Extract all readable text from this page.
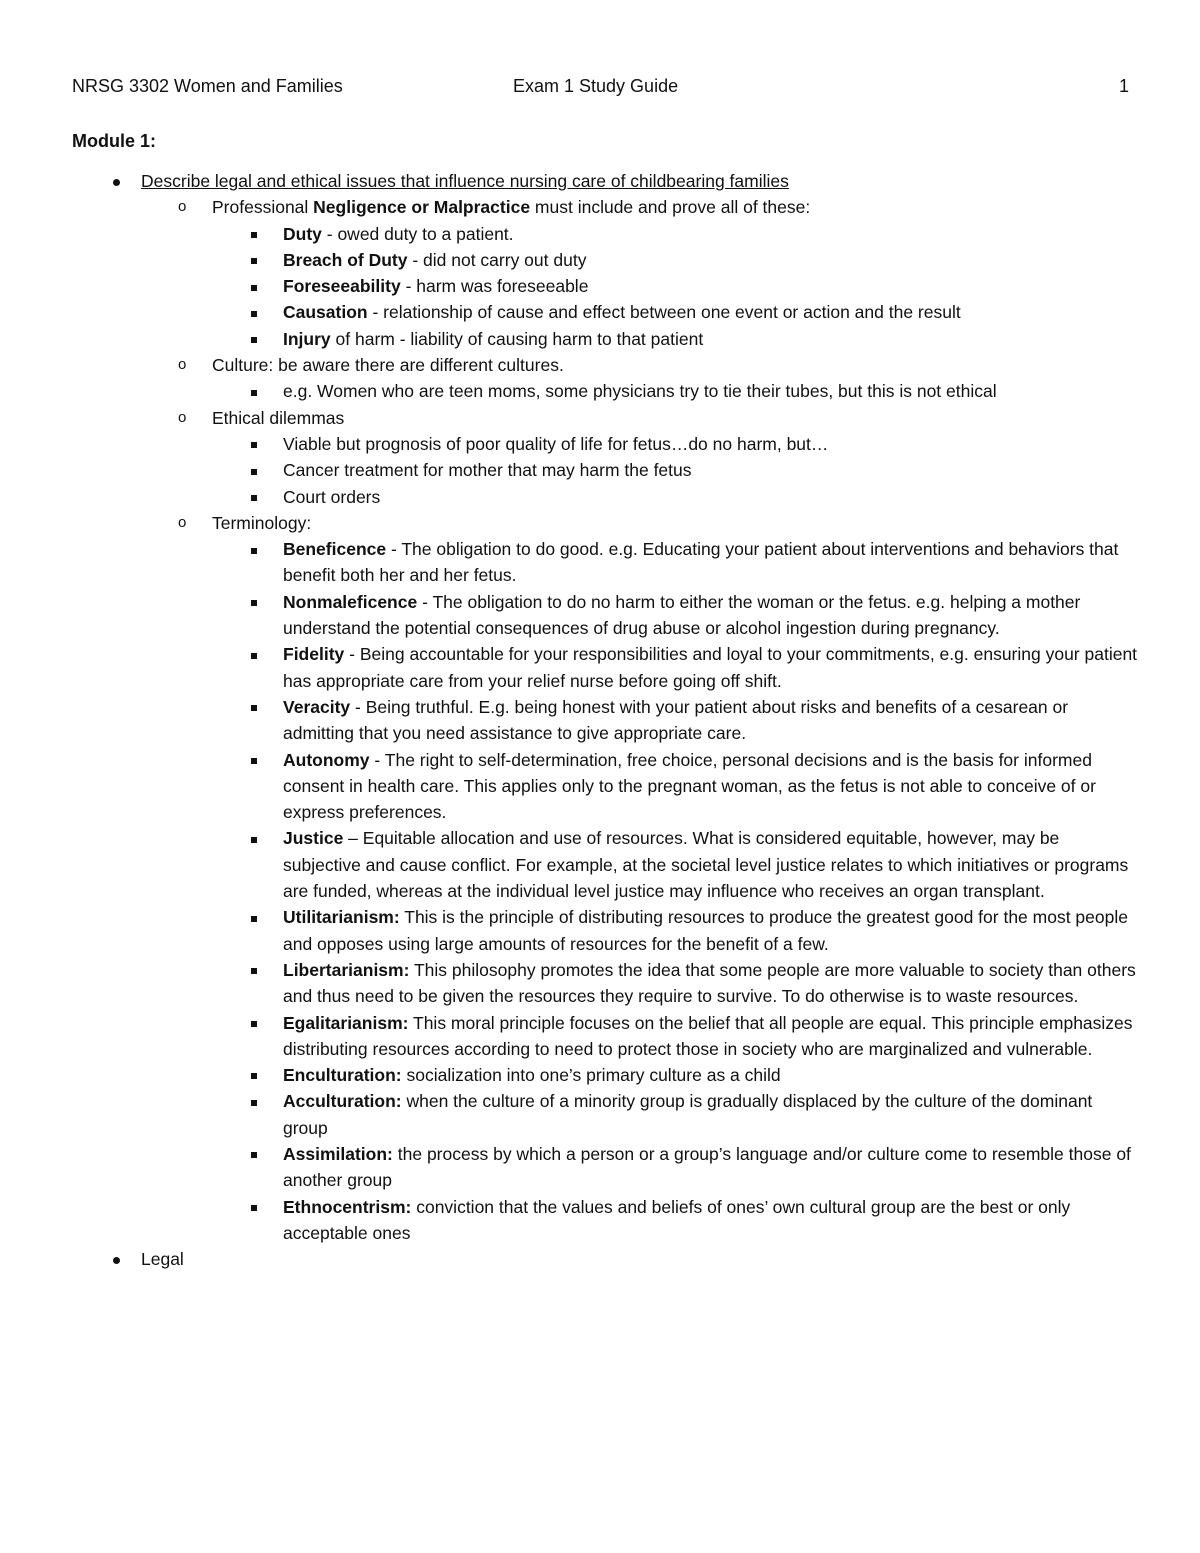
NRSG 3302 Women and Families	Exam 1 Study Guide	1
Module 1:
Describe legal and ethical issues that influence nursing care of childbearing families
o Professional Negligence or Malpractice must include and prove all of these:
Duty - owed duty to a patient.
Breach of Duty - did not carry out duty
Foreseeability - harm was foreseeable
Causation - relationship of cause and effect between one event or action and the result
Injury of harm - liability of causing harm to that patient
o Culture: be aware there are different cultures.
e.g. Women who are teen moms, some physicians try to tie their tubes, but this is not ethical
o Ethical dilemmas
Viable but prognosis of poor quality of life for fetus…do no harm, but…
Cancer treatment for mother that may harm the fetus
Court orders
o Terminology:
Beneficence - The obligation to do good. e.g. Educating your patient about interventions and behaviors that benefit both her and her fetus.
Nonmaleficence - The obligation to do no harm to either the woman or the fetus. e.g. helping a mother understand the potential consequences of drug abuse or alcohol ingestion during pregnancy.
Fidelity - Being accountable for your responsibilities and loyal to your commitments, e.g. ensuring your patient has appropriate care from your relief nurse before going off shift.
Veracity - Being truthful. E.g. being honest with your patient about risks and benefits of a cesarean or admitting that you need assistance to give appropriate care.
Autonomy - The right to self-determination, free choice, personal decisions and is the basis for informed consent in health care. This applies only to the pregnant woman, as the fetus is not able to conceive of or express preferences.
Justice – Equitable allocation and use of resources. What is considered equitable, however, may be subjective and cause conflict. For example, at the societal level justice relates to which initiatives or programs are funded, whereas at the individual level justice may influence who receives an organ transplant.
Utilitarianism: This is the principle of distributing resources to produce the greatest good for the most people and opposes using large amounts of resources for the benefit of a few.
Libertarianism: This philosophy promotes the idea that some people are more valuable to society than others and thus need to be given the resources they require to survive. To do otherwise is to waste resources.
Egalitarianism: This moral principle focuses on the belief that all people are equal. This principle emphasizes distributing resources according to need to protect those in society who are marginalized and vulnerable.
Enculturation: socialization into one’s primary culture as a child
Acculturation: when the culture of a minority group is gradually displaced by the culture of the dominant group
Assimilation: the process by which a person or a group’s language and/or culture come to resemble those of another group
Ethnocentrism: conviction that the values and beliefs of ones’ own cultural group are the best or only acceptable ones
Legal
